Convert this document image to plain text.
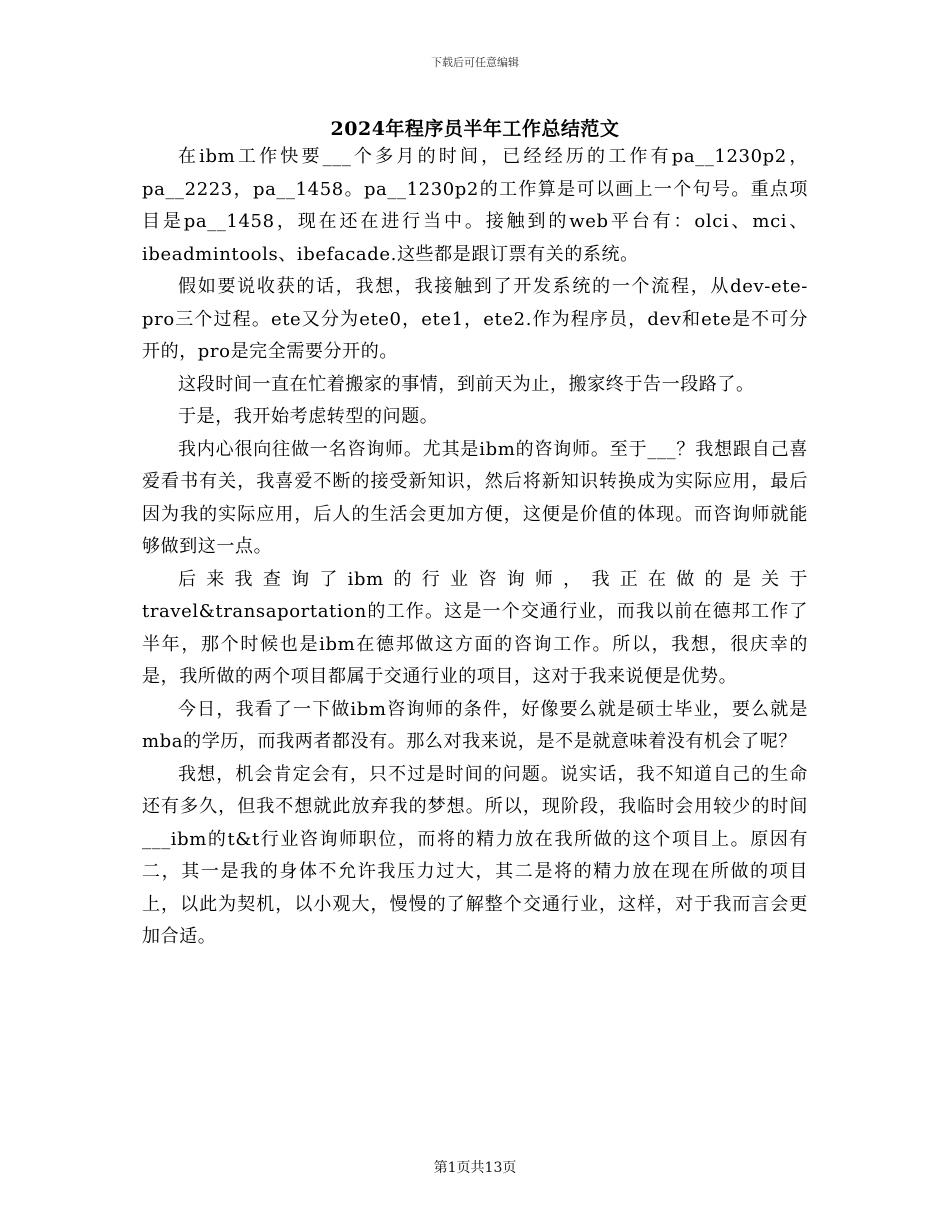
下载后可任意编辑
2024年程序员半年工作总结范文

在ibm工作快要___个多月的时间，已经经历的工作有pa__1230p2，pa__2223，pa__1458。pa__1230p2的工作算是可以画上一个句号。重点项目是pa__1458，现在还在进行当中。接触到的web平台有：olci、mci、ibeadmintools、ibefacade.这些都是跟订票有关的系统。

假如要说收获的话，我想，我接触到了开发系统的一个流程，从dev-ete-pro三个过程。ete又分为ete0，ete1，ete2.作为程序员，dev和ete是不可分开的，pro是完全需要分开的。

这段时间一直在忙着搬家的事情，到前天为止，搬家终于告一段路了。

于是，我开始考虑转型的问题。

我内心很向往做一名咨询师。尤其是ibm的咨询师。至于___？我想跟自己喜爱看书有关，我喜爱不断的接受新知识，然后将新知识转换成为实际应用，最后因为我的实际应用，后人的生活会更加方便，这便是价值的体现。而咨询师就能够做到这一点。

后来我查询了ibm的行业咨询师，我正在做的是关于travel&transaportation的工作。这是一个交通行业，而我以前在德邦工作了半年，那个时候也是ibm在德邦做这方面的咨询工作。所以，我想，很庆幸的是，我所做的两个项目都属于交通行业的项目，这对于我来说便是优势。

今日，我看了一下做ibm咨询师的条件，好像要么就是硕士毕业，要么就是mba的学历，而我两者都没有。那么对我来说，是不是就意味着没有机会了呢？

我想，机会肯定会有，只不过是时间的问题。说实话，我不知道自己的生命还有多久，但我不想就此放弃我的梦想。所以，现阶段，我临时会用较少的时间___ibm的t&t行业咨询师职位，而将的精力放在我所做的这个项目上。原因有二，其一是我的身体不允许我压力过大，其二是将的精力放在现在所做的项目上，以此为契机，以小观大，慢慢的了解整个交通行业，这样，对于我而言会更加合适。

第1页共13页
